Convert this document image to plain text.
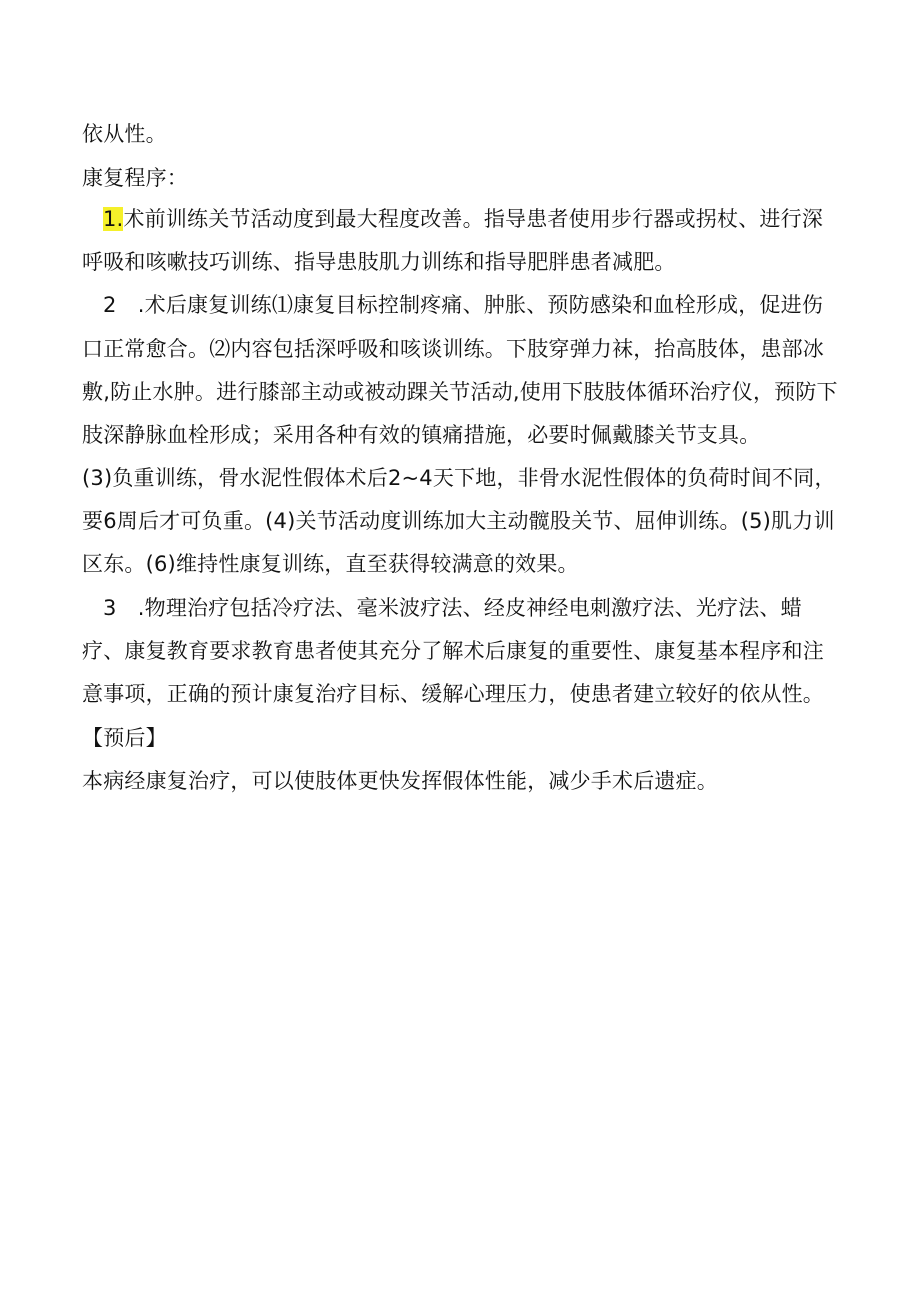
依从性。
康复程序：
1.术前训练关节活动度到最大程度改善。指导患者使用步行器或拐杖、进行深
呼吸和咳嗽技巧训练、指导患肢肌力训练和指导肥胖患者减肥。
2　.术后康复训练⑴康复目标控制疼痛、肿胀、预防感染和血栓形成，促进伤
口正常愈合。⑵内容包括深呼吸和咳谈训练。下肢穿弹力袜，抬高肢体，患部冰
敷,防止水肿。进行膝部主动或被动踝关节活动,使用下肢肢体循环治疗仪，预防下
肢深静脉血栓形成；采用各种有效的镇痛措施，必要时佩戴膝关节支具。
(3)负重训练，骨水泥性假体术后2~4天下地，非骨水泥性假体的负荷时间不同，
要6周后才可负重。(4)关节活动度训练加大主动髋股关节、屈伸训练。(5)肌力训
区东。(6)维持性康复训练，直至获得较满意的效果。
3　.物理治疗包括冷疗法、毫米波疗法、经皮神经电刺激疗法、光疗法、蜡
疗、康复教育要求教育患者使其充分了解术后康复的重要性、康复基本程序和注
意事项，正确的预计康复治疗目标、缓解心理压力，使患者建立较好的依从性。
【预后】
本病经康复治疗，可以使肢体更快发挥假体性能，减少手术后遗症。
